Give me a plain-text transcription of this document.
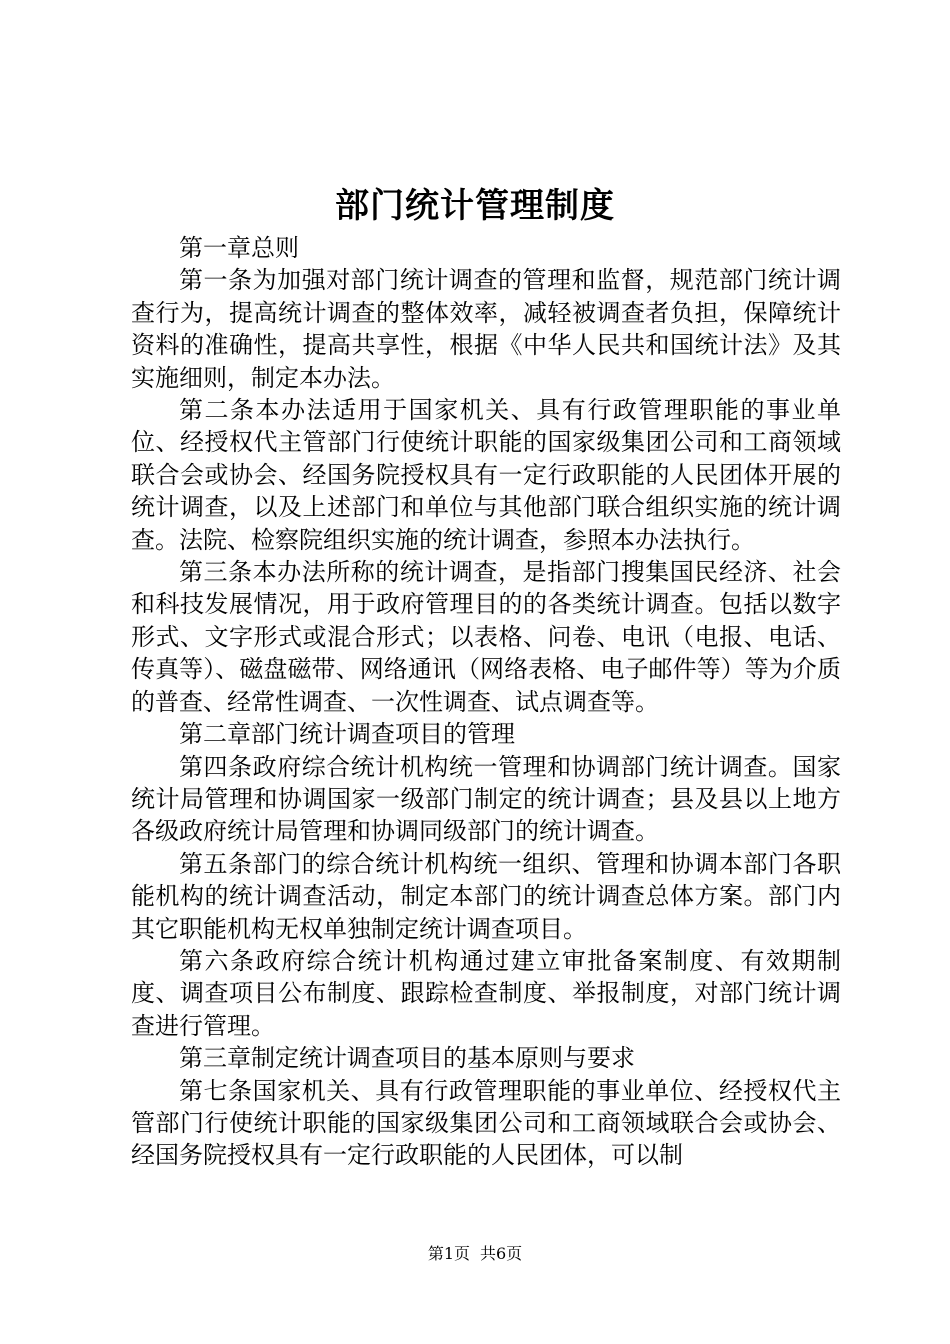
部门统计管理制度

第一章总则

第一条为加强对部门统计调查的管理和监督，规范部门统计调查行为，提高统计调查的整体效率，减轻被调查者负担，保障统计资料的准确性，提高共享性，根据《中华人民共和国统计法》及其实施细则，制定本办法。

第二条本办法适用于国家机关、具有行政管理职能的事业单位、经授权代主管部门行使统计职能的国家级集团公司和工商领域联合会或协会、经国务院授权具有一定行政职能的人民团体开展的统计调查，以及上述部门和单位与其他部门联合组织实施的统计调查。法院、检察院组织实施的统计调查，参照本办法执行。

第三条本办法所称的统计调查，是指部门搜集国民经济、社会和科技发展情况，用于政府管理目的的各类统计调查。包括以数字形式、文字形式或混合形式；以表格、问卷、电讯（电报、电话、传真等）、磁盘磁带、网络通讯（网络表格、电子邮件等）等为介质的普查、经常性调查、一次性调查、试点调查等。

第二章部门统计调查项目的管理

第四条政府综合统计机构统一管理和协调部门统计调查。国家统计局管理和协调国家一级部门制定的统计调查；县及县以上地方各级政府统计局管理和协调同级部门的统计调查。

第五条部门的综合统计机构统一组织、管理和协调本部门各职能机构的统计调查活动，制定本部门的统计调查总体方案。部门内其它职能机构无权单独制定统计调查项目。

第六条政府综合统计机构通过建立审批备案制度、有效期制度、调查项目公布制度、跟踪检查制度、举报制度，对部门统计调查进行管理。

第三章制定统计调查项目的基本原则与要求

第七条国家机关、具有行政管理职能的事业单位、经授权代主管部门行使统计职能的国家级集团公司和工商领域联合会或协会、经国务院授权具有一定行政职能的人民团体，可以制

第1页 共6页
